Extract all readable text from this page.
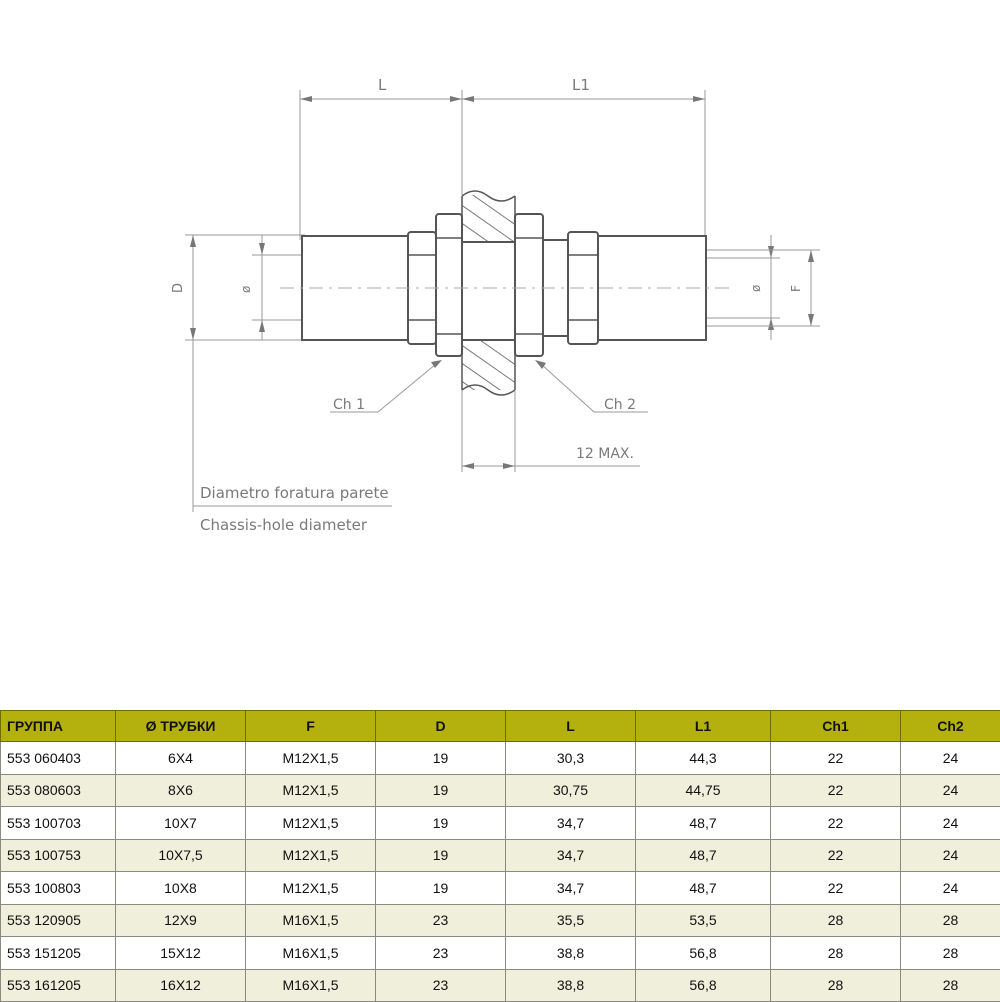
L	L1
D	ø	ø F
Ch 1	Ch 2
12 MAX.
Diametro foratura parete
Chassis-hole diameter
ГРУППА	Ø ТРУБКИ	F	D	L	L1	Ch1	Ch2
553 060403	6X4	M12X1,5	19	30,3	44,3	22	24
553 080603	8X6	M12X1,5	19	30,75	44,75	22	24
553 100703	10X7	M12X1,5	19	34,7	48,7	22	24
553 100753	10X7,5	M12X1,5	19	34,7	48,7	22	24
553 100803	10X8	M12X1,5	19	34,7	48,7	22	24
553 120905	12X9	M16X1,5	23	35,5	53,5	28	28
553 151205	15X12	M16X1,5	23	38,8	56,8	28	28
553 161205	16X12	M16X1,5	23	38,8	56,8	28	28
